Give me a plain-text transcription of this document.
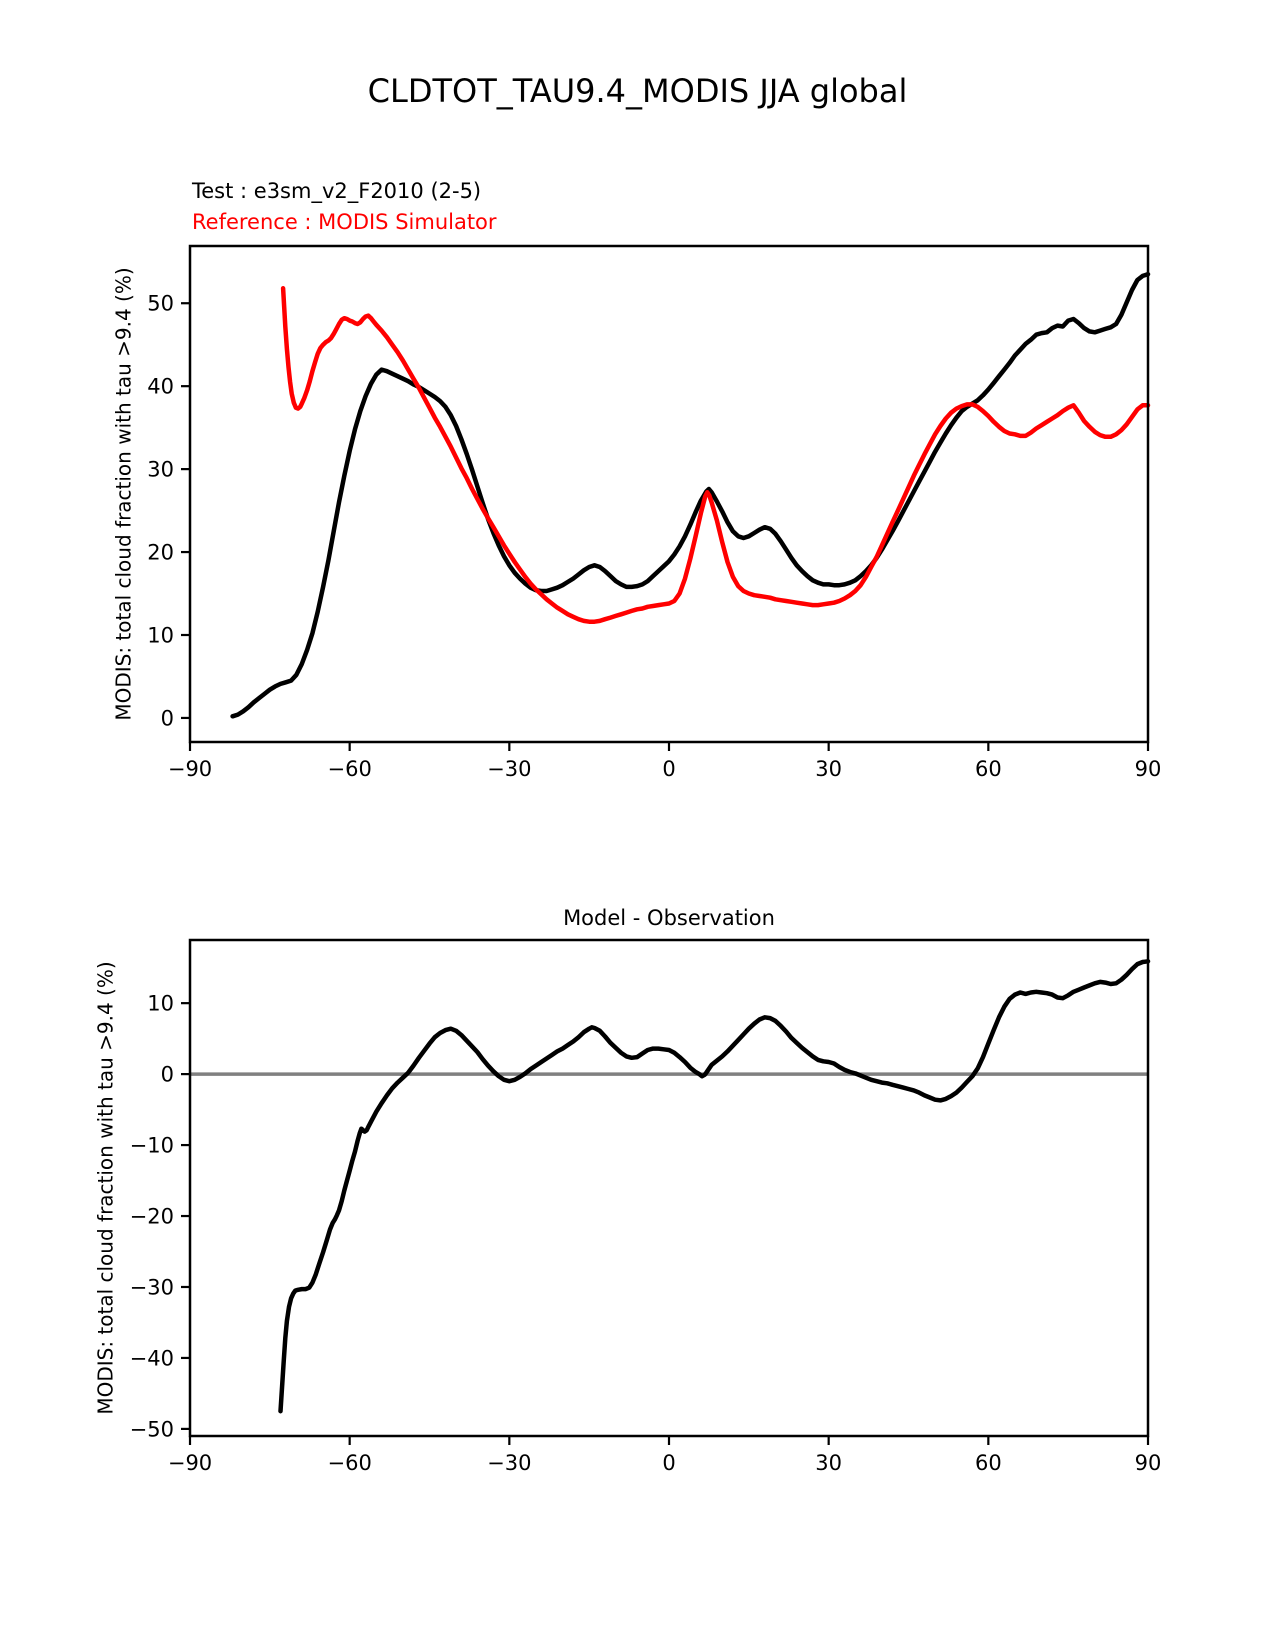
CLDTOT_TAU9.4_MODIS JJA global
Test : e3sm_v2_F2010 (2-5)
Reference : MODIS Simulator
MODIS: total cloud fraction with tau >9.4 (%)
−90	−60	−30	0	30	60	90
0
10
20
30
40
50
Model - Observation
MODIS: total cloud fraction with tau >9.4 (%)
−90	−60	−30	0	30	60	90
10
0
−10
−20
−30
−40
−50
